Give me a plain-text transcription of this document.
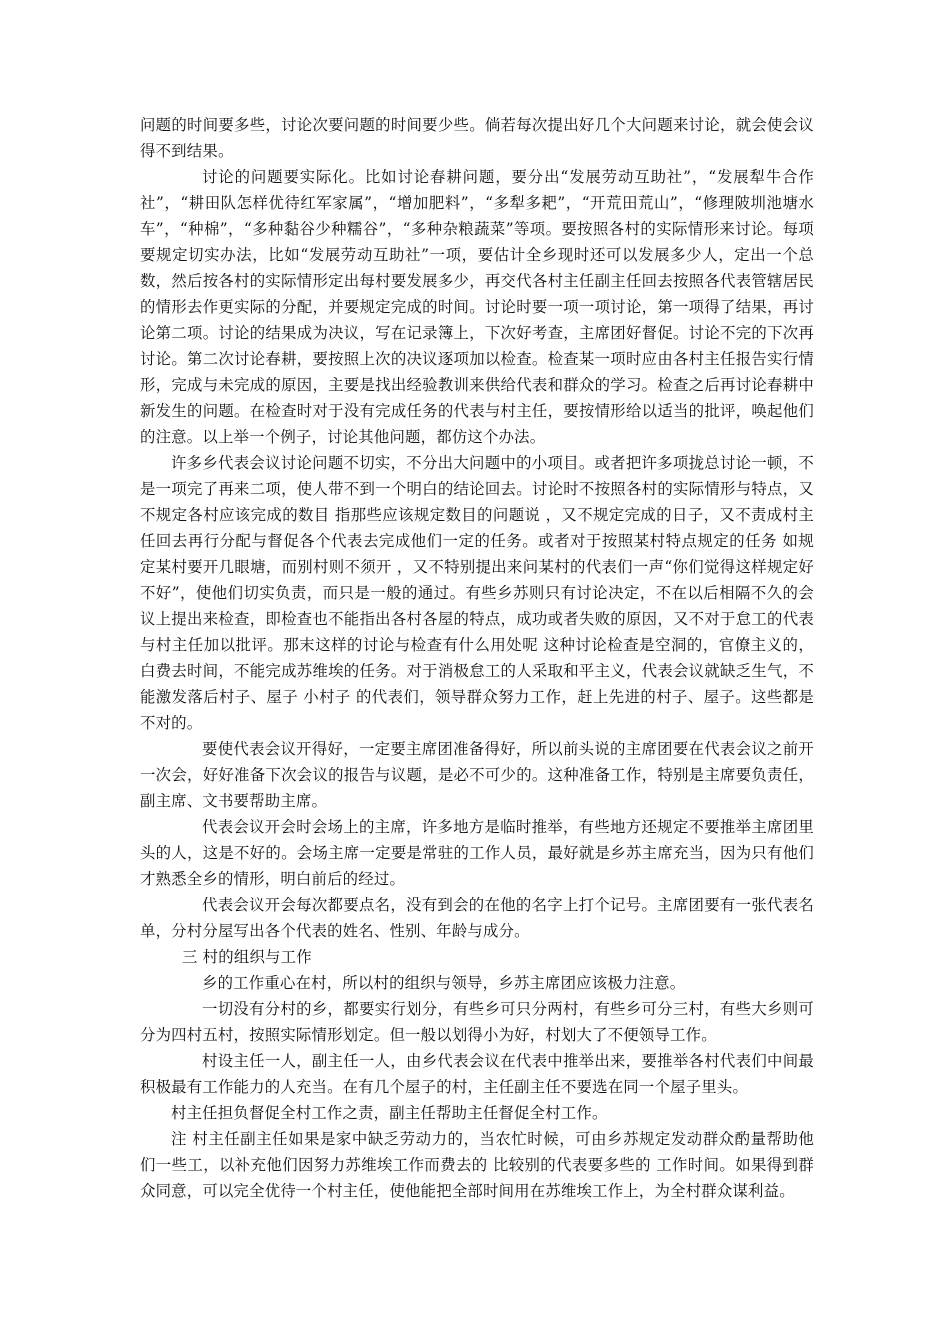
问题的时间要多些，讨论次要问题的时间要少些。倘若每次提出好几个大问题来讨论，就会使会议得不到结果。

讨论的问题要实际化。比如讨论春耕问题，要分出“发展劳动互助社”，“发展犁牛合作社”，“耕田队怎样优待红军家属”，“增加肥料”，“多犁多耙”，“开荒田荒山”，“修理陂圳池塘水车”，“种棉”，“多种黏谷少种糯谷”，“多种杂粮蔬菜”等项。要按照各村的实际情形来讨论。每项要规定切实办法，比如“发展劳动互助社”一项，要估计全乡现时还可以发展多少人，定出一个总数，然后按各村的实际情形定出每村要发展多少，再交代各村主任副主任回去按照各代表管辖居民的情形去作更实际的分配，并要规定完成的时间。讨论时要一项一项讨论，第一项得了结果，再讨论第二项。讨论的结果成为决议，写在记录簿上，下次好考查，主席团好督促。讨论不完的下次再讨论。第二次讨论春耕，要按照上次的决议逐项加以检查。检查某一项时应由各村主任报告实行情形，完成与未完成的原因，主要是找出经验教训来供给代表和群众的学习。检查之后再讨论春耕中新发生的问题。在检查时对于没有完成任务的代表与村主任，要按情形给以适当的批评，唤起他们的注意。以上举一个例子，讨论其他问题，都仿这个办法。

许多乡代表会议讨论问题不切实，不分出大问题中的小项目。或者把许多项拢总讨论一顿，不是一项完了再来二项，使人带不到一个明白的结论回去。讨论时不按照各村的实际情形与特点，又不规定各村应该完成的数目 指那些应该规定数目的问题说 ，又不规定完成的日子，又不责成村主任回去再行分配与督促各个代表去完成他们一定的任务。或者对于按照某村特点规定的任务 如规定某村要开几眼塘，而别村则不须开 ，又不特别提出来问某村的代表们一声“你们觉得这样规定好不好”，使他们切实负责，而只是一般的通过。有些乡苏则只有讨论决定，不在以后相隔不久的会议上提出来检查，即检查也不能指出各村各屋的特点，成功或者失败的原因，又不对于怠工的代表与村主任加以批评。那末这样的讨论与检查有什么用处呢 这种讨论检查是空洞的，官僚主义的，白费去时间，不能完成苏维埃的任务。对于消极怠工的人采取和平主义，代表会议就缺乏生气，不能激发落后村子、屋子 小村子 的代表们，领导群众努力工作，赶上先进的村子、屋子。这些都是不对的。

要使代表会议开得好，一定要主席团准备得好，所以前头说的主席团要在代表会议之前开一次会，好好准备下次会议的报告与议题，是必不可少的。这种准备工作，特别是主席要负责任，副主席、文书要帮助主席。

代表会议开会时会场上的主席，许多地方是临时推举，有些地方还规定不要推举主席团里头的人，这是不好的。会场主席一定要是常驻的工作人员，最好就是乡苏主席充当，因为只有他们才熟悉全乡的情形，明白前后的经过。

代表会议开会每次都要点名，没有到会的在他的名字上打个记号。主席团要有一张代表名单，分村分屋写出各个代表的姓名、性别、年龄与成分。

三 村的组织与工作

乡的工作重心在村，所以村的组织与领导，乡苏主席团应该极力注意。

一切没有分村的乡，都要实行划分，有些乡可只分两村，有些乡可分三村，有些大乡则可分为四村五村，按照实际情形划定。但一般以划得小为好，村划大了不便领导工作。

村设主任一人，副主任一人，由乡代表会议在代表中推举出来，要推举各村代表们中间最积极最有工作能力的人充当。在有几个屋子的村，主任副主任不要选在同一个屋子里头。

村主任担负督促全村工作之责，副主任帮助主任督促全村工作。

注 村主任副主任如果是家中缺乏劳动力的，当农忙时候，可由乡苏规定发动群众酌量帮助他们一些工，以补充他们因努力苏维埃工作而费去的 比较别的代表要多些的 工作时间。如果得到群众同意，可以完全优待一个村主任，使他能把全部时间用在苏维埃工作上，为全村群众谋利益。
